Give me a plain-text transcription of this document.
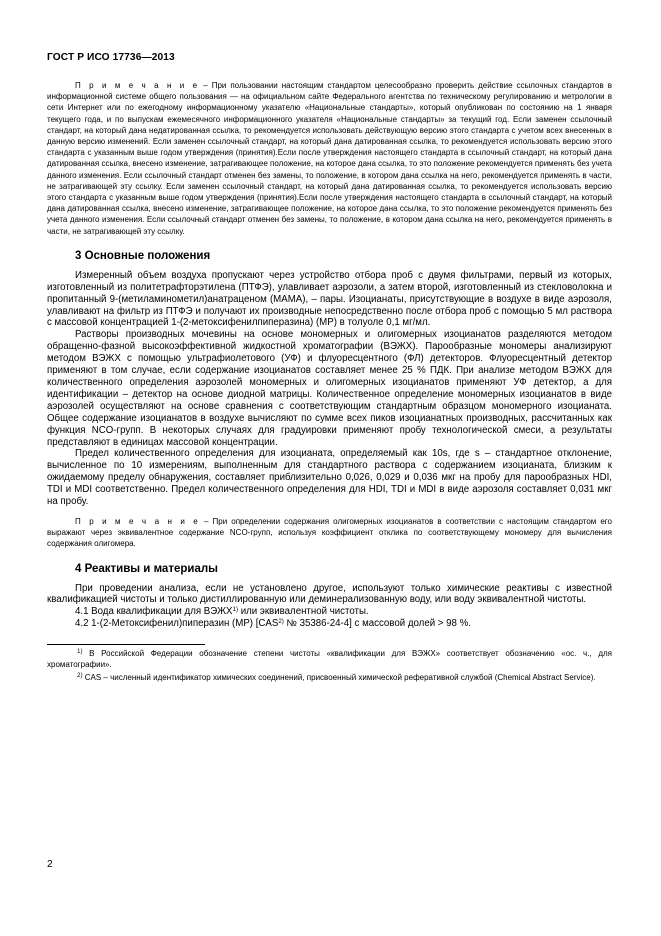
ГОСТ Р ИСО 17736—2013

П р и м е ч а н и е – При пользовании настоящим стандартом целесообразно проверить действие ссылочных стандартов в информационной системе общего пользования — на официальном сайте Федерального агентства по техническому регулированию и метрологии в сети Интернет или по ежегодному информационному указателю «Национальные стандарты», который опубликован по состоянию на 1 января текущего года, и по выпускам ежемесячного информационного указателя «Национальные стандарты» за текущий год. Если заменен ссылочный стандарт, на который дана недатированная ссылка, то рекомендуется использовать действующую версию этого стандарта с учетом всех внесенных в данную версию изменений. Если заменен ссылочный стандарт, на который дана датированная ссылка, то рекомендуется использовать версию этого стандарта с указанным выше годом утверждения (принятия).Если после утверждения настоящего стандарта в ссылочный стандарт, на который дана датированная ссылка, внесено изменение, затрагивающее положение, на которое дана ссылка, то это положение рекомендуется применять без учета данного изменения. Если ссылочный стандарт отменен без замены, то положение, в котором дана ссылка на него, рекомендуется применять в части, не затрагивающей эту ссылку. Если заменен ссылочный стандарт, на который дана датированная ссылка, то рекомендуется использовать версию этого стандарта с указанным выше годом утверждения (принятия).Если после утверждения настоящего стандарта в ссылочный стандарт, на который дана датированная ссылка, внесено изменение, затрагивающее положение, на которое дана ссылка, то это положение рекомендуется применять без учета данного изменения. Если ссылочный стандарт отменен без замены, то положение, в котором дана ссылка на него, рекомендуется применять в части, не затрагивающей эту ссылку.

3 Основные положения

Измеренный объем воздуха пропускают через устройство отбора проб с двумя фильтрами, первый из которых, изготовленный из политетрафторэтилена (ПТФЭ), улавливает аэрозоли, а затем второй, изготовленный из стекловолокна и пропитанный 9-(метиламинометил)анатраценом (МАМА), – пары. Изоцианаты, присутствующие в воздухе в виде аэрозоля, улавливают на фильтр из ПТФЭ и получают их производные непосредственно после отбора проб с помощью 5 мл раствора с массовой концентрацией 1-(2-метоксифенилпиперазина) (МР) в толуоле 0,1 мг/мл.

Растворы производных мочевины на основе мономерных и олигомерных изоцианатов разделяются методом обращенно-фазной высокоэффективной жидкостной хроматографии (ВЭЖХ). Парообразные мономеры анализируют методом ВЭЖХ с помощью ультрафиолетового (УФ) и флуоресцентного (ФЛ) детекторов. Флуоресцентный детектор применяют в том случае, если содержание изоцианатов составляет менее 25 % ПДК. При анализе методом ВЭЖХ для количественного определения аэрозолей мономерных и олигомерных изоцианатов применяют УФ детектор, а для идентификации – детектор на основе диодной матрицы. Количественное определение мономерных изоцианатов в виде аэрозолей осуществляют на основе сравнения с соответствующим стандартным образцом мономерного изоцианата. Общее содержание изоцианатов в воздухе вычисляют по сумме всех пиков изоцианатных производных, рассчитанных как функция NCO-групп. В некоторых случаях для градуировки применяют пробу технологической смеси, а результаты представляют в единицах массовой концентрации.

Предел количественного определения для изоцианата, определяемый как 10s, где s – стандартное отклонение, вычисленное по 10 измерениям, выполненным для стандартного раствора с содержанием изоцианата, близким к ожидаемому пределу обнаружения, составляет приблизительно 0,026, 0,029 и 0,036 мкг на пробу для парообразных HDI, TDI и MDI соответственно. Предел количественного определения для HDI, TDI и MDI в виде аэрозоля составляет 0,031 мкг на пробу.

П р и м е ч а н и е – При определении содержания олигомерных изоцианатов в соответствии с настоящим стандартом его выражают через эквивалентное содержание NCO-групп, используя коэффициент отклика по соответствующему мономеру для вычисления содержания олигомера.

4 Реактивы и материалы

При проведении анализа, если не установлено другое, используют только химические реактивы с известной квалификацией чистоты и только дистиллированную или деминерализованную воду, или воду эквивалентной чистоты.

4.1 Вода квалификации для ВЭЖХ$^{1)}$ или эквивалентной чистоты.

4.2 1-(2-Метоксифенил)пиперазин (МР) [CAS$^{2)}$ № 35386-24-4] с массовой долей > 98 %.

$^{1)}$ В Российской Федерации обозначение степени чистоты «квалификации для ВЭЖХ» соответствует обозначению «ос. ч., для хроматографии».

$^{2)}$ CAS – численный идентификатор химических соединений, присвоенный химической реферативной службой (Chemical Abstract Service).

2
